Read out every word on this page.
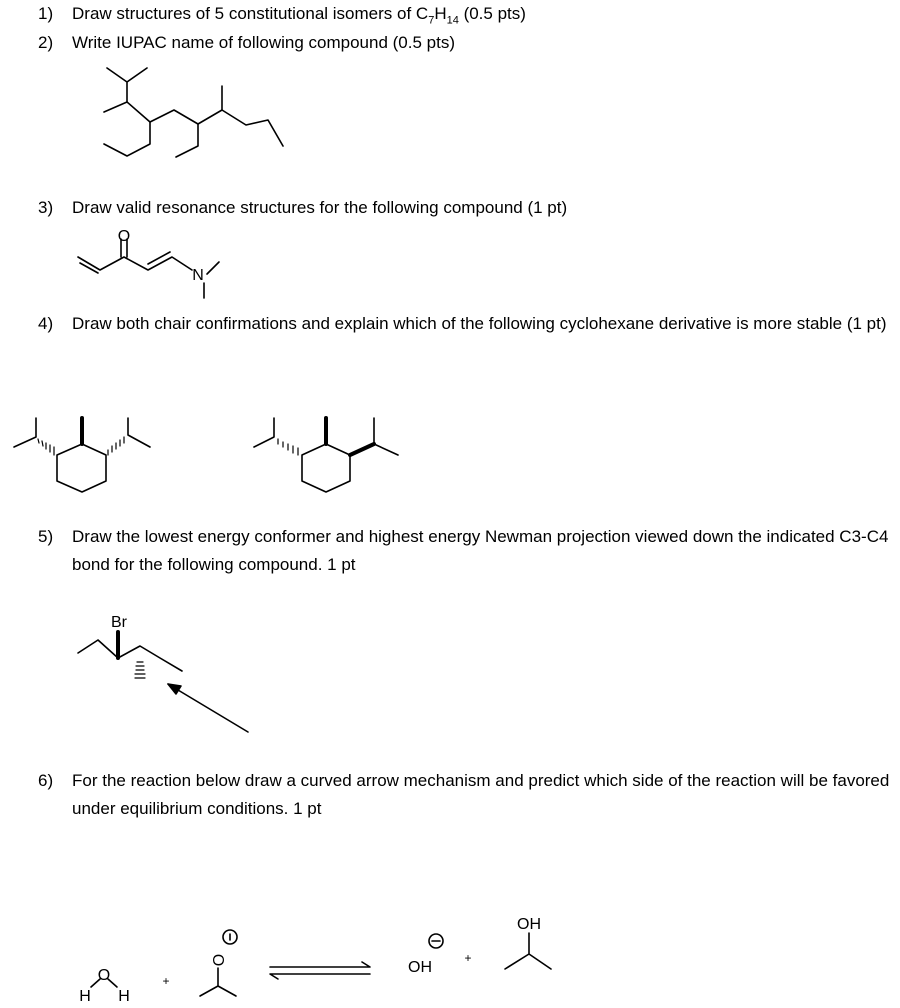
1)	Draw structures of 5 constitutional isomers of $C_7H_{14}$ (0.5 pts)
2)	Write IUPAC name of following compound (0.5 pts)
3)	Draw valid resonance structures for the following compound (1 pt)
4)	Draw both chair confirmations and explain which of the following cyclohexane derivative is more stable (1 pt)
5)	Draw the lowest energy conformer and highest energy Newman projection viewed down the indicated C3-C4 bond for the following compound. 1 pt
6)	For the reaction below draw a curved arrow mechanism and predict which side of the reaction will be favored under equilibrium conditions. 1 pt
O
N
Br
O
H H
+
O	OH
+
OH
